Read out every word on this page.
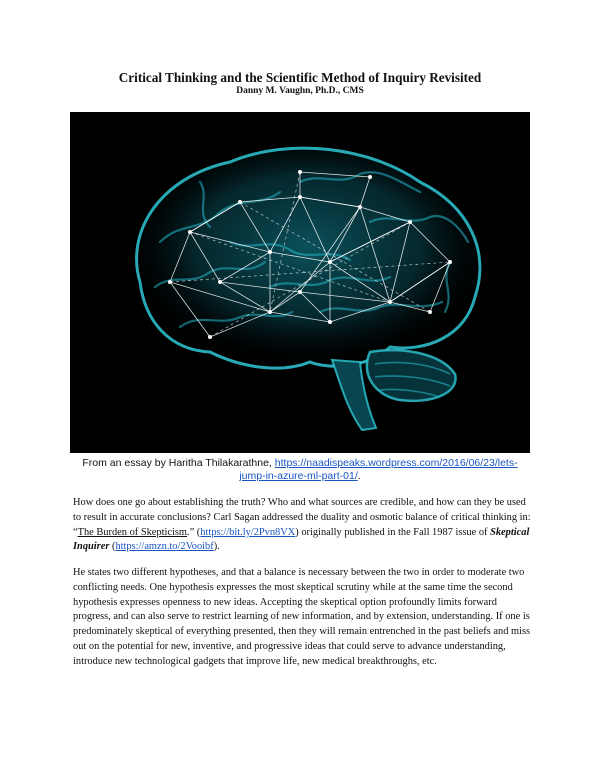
Critical Thinking and the Scientific Method of Inquiry Revisited
Danny M. Vaughn, Ph.D., CMS
From an essay by Haritha Thilakarathne, https://naadispeaks.wordpress.com/2016/06/23/lets-jump-in-azure-ml-part-01/.
How does one go about establishing the truth? Who and what sources are credible, and how can they be used to result in accurate conclusions? Carl Sagan addressed the duality and osmotic balance of critical thinking in: “The Burden of Skepticism.” (https://bit.ly/2Pvn8VX) originally published in the Fall 1987 issue of Skeptical Inquirer (https://amzn.to/2Vooibf).
He states two different hypotheses, and that a balance is necessary between the two in order to moderate two conflicting needs. One hypothesis expresses the most skeptical scrutiny while at the same time the second hypothesis expresses openness to new ideas. Accepting the skeptical option profoundly limits forward progress, and can also serve to restrict learning of new information, and by extension, understanding. If one is predominately skeptical of everything presented, then they will remain entrenched in the past beliefs and miss out on the potential for new, inventive, and progressive ideas that could serve to advance understanding, introduce new technological gadgets that improve life, new medical breakthroughs, etc.
